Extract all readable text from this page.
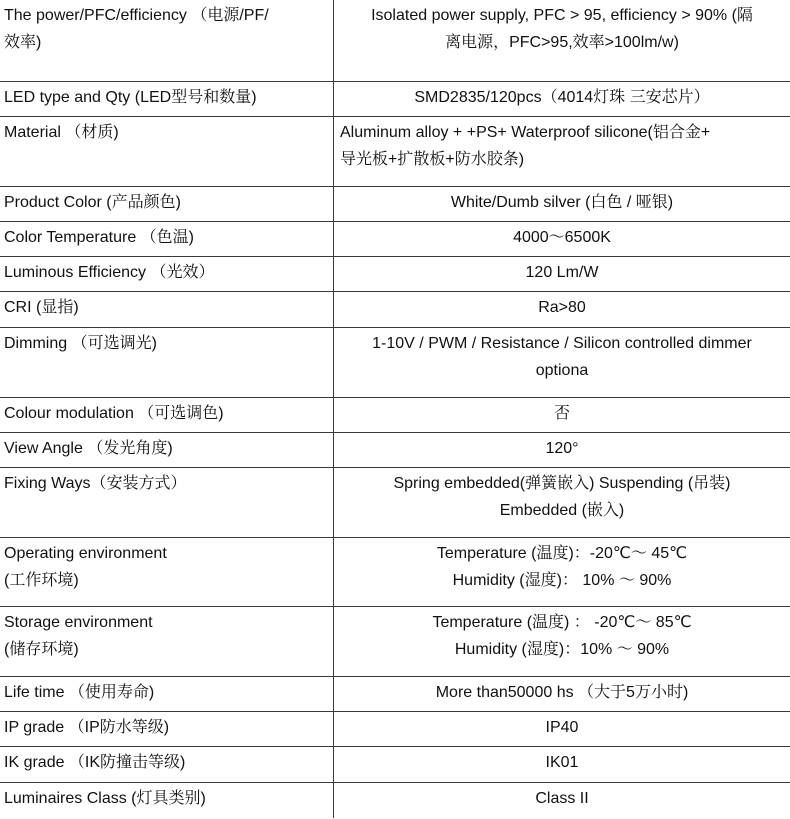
The power/PFC/efficiency （电源/PF/
效率)	Isolated power supply, PFC > 95, efficiency > 90% (隔
离电源，PFC>95,效率>100lm/w)

LED type and Qty (LED型号和数量)	SMD2835/120pcs（4014灯珠 三安芯片）

Material （材质)	Aluminum alloy + +PS+ Waterproof silicone(铝合金+
导光板+扩散板+防水胶条)

Product Color (产品颜色)	White/Dumb silver (白色 / 哑银)

Color Temperature （色温)	4000～6500K

Luminous Efficiency （光效）	120 Lm/W

CRI (显指)	Ra>80

Dimming （可选调光)	1-10V / PWM / Resistance / Silicon controlled dimmer
optiona

Colour modulation （可选调色)	否

View Angle （发光角度)	120°

Fixing Ways（安装方式）	Spring embedded(弹簧嵌入) Suspending (吊装)
Embedded (嵌入)

Operating environment
(工作环境)	Temperature (温度)：-20℃～ 45℃
Humidity (湿度)： 10% ～ 90%

Storage environment
(储存环境)	Temperature (温度) ： -20℃～ 85℃
Humidity (湿度)：10% ～ 90%

Life time （使用寿命)	More than50000 hs （大于5万小时)

IP grade （IP防水等级)	IP40

IK grade （IK防撞击等级)	IK01

Luminaires Class (灯具类别)	Class II
